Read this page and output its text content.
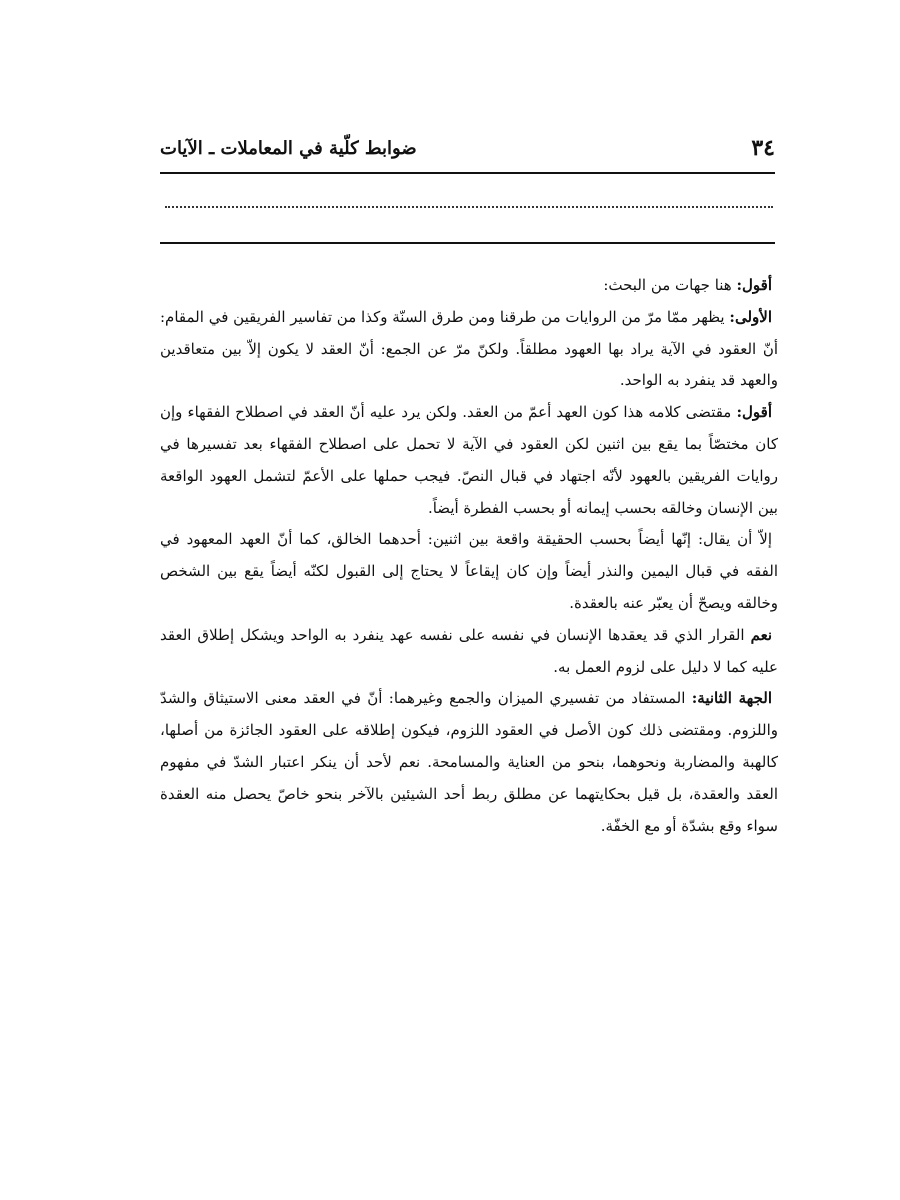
٣٤
ضوابط كلّية في المعاملات ـ الآيات

أقول: هنا جهات من البحث:

الأولى: يظهر ممّا مرّ من الروايات من طرقنا ومن طرق السنّة وكذا من تفاسير الفريقين في المقام: أنّ العقود في الآية يراد بها العهود مطلقاً. ولكنّ مرّ عن الجمع: أنّ العقد لا يكون إلاّ بين متعاقدين والعهد قد ينفرد به الواحد.

أقول: مقتضى كلامه هذا كون العهد أعمّ من العقد. ولكن يرد عليه أنّ العقد في اصطلاح الفقهاء وإن كان مختصّاً بما يقع بين اثنين لكن العقود في الآية لا تحمل على اصطلاح الفقهاء بعد تفسيرها في روايات الفريقين بالعهود لأنّه اجتهاد في قبال النصّ. فيجب حملها على الأعمّ لتشمل العهود الواقعة بين الإنسان وخالقه بحسب إيمانه أو بحسب الفطرة أيضاً.

إلاّ أن يقال: إنّها أيضاً بحسب الحقيقة واقعة بين اثنين: أحدهما الخالق، كما أنّ العهد المعهود في الفقه في قبال اليمين والنذر أيضاً وإن كان إيقاعاً لا يحتاج إلى القبول لكنّه أيضاً يقع بين الشخص وخالقه ويصحّ أن يعبّر عنه بالعقدة.

نعم القرار الذي قد يعقدها الإنسان في نفسه على نفسه عهد ينفرد به الواحد ويشكل إطلاق العقد عليه كما لا دليل على لزوم العمل به.

الجهة الثانية: المستفاد من تفسيري الميزان والجمع وغيرهما: أنّ في العقد معنى الاستيثاق والشدّ واللزوم. ومقتضى ذلك كون الأصل في العقود اللزوم، فيكون إطلاقه على العقود الجائزة من أصلها، كالهبة والمضاربة ونحوهما، بنحو من العناية والمسامحة. نعم لأحد أن ينكر اعتبار الشدّ في مفهوم العقد والعقدة، بل قيل بحكايتهما عن مطلق ربط أحد الشيئين بالآخر بنحو خاصّ يحصل منه العقدة سواء وقع بشدّة أو مع الخفّة.
